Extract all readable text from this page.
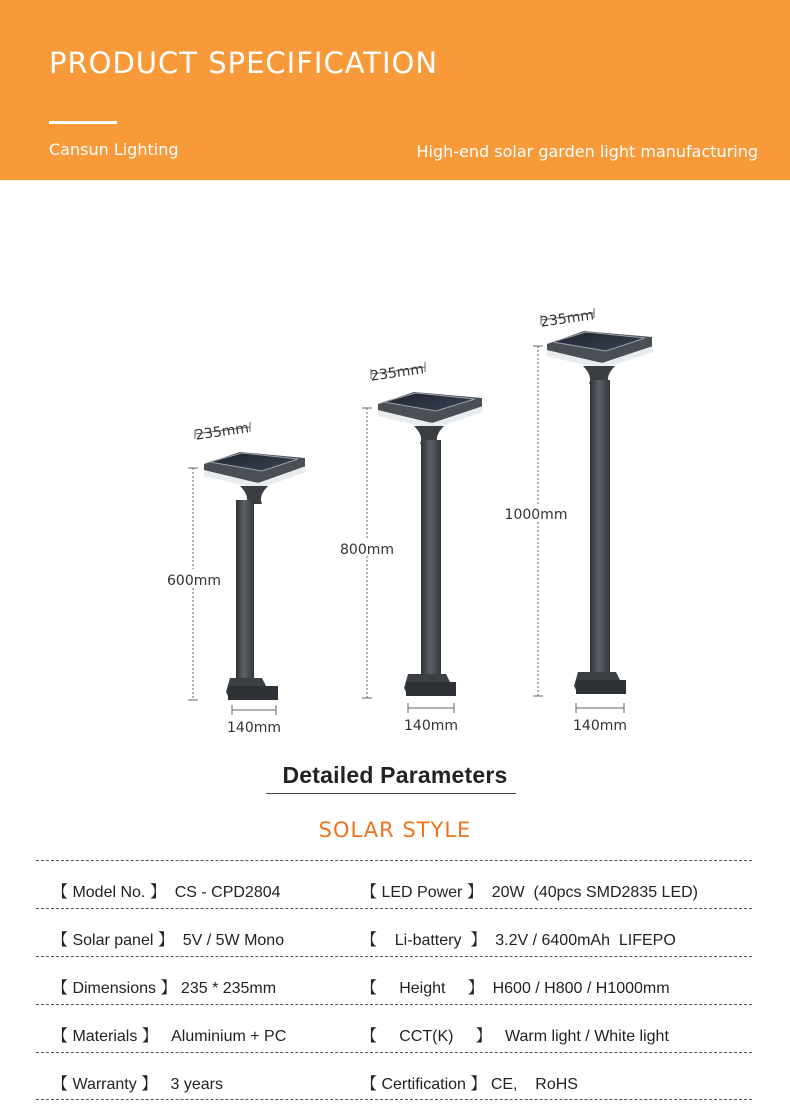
PRODUCT SPECIFICATION
Cansun Lighting	High-end solar garden light manufacturing
235mm
600mm
140mm
235mm
800mm
140mm
235mm
1000mm
140mm
Detailed Parameters
SOLAR STYLE
【 Model No. 】  CS - CPD2804	【 LED Power 】  20W  (40pcs SMD2835 LED)
【 Solar panel 】  5V / 5W Mono	【    Li-battery  】  3.2V / 6400mAh  LIFEPO
【 Dimensions 】 235 * 235mm	【     Height     】  H600 / H800 / H1000mm
【 Materials 】   Aluminium + PC	【     CCT(K)     】   Warm light / White light
【 Warranty 】   3 years	【 Certification 】 CE,    RoHS
